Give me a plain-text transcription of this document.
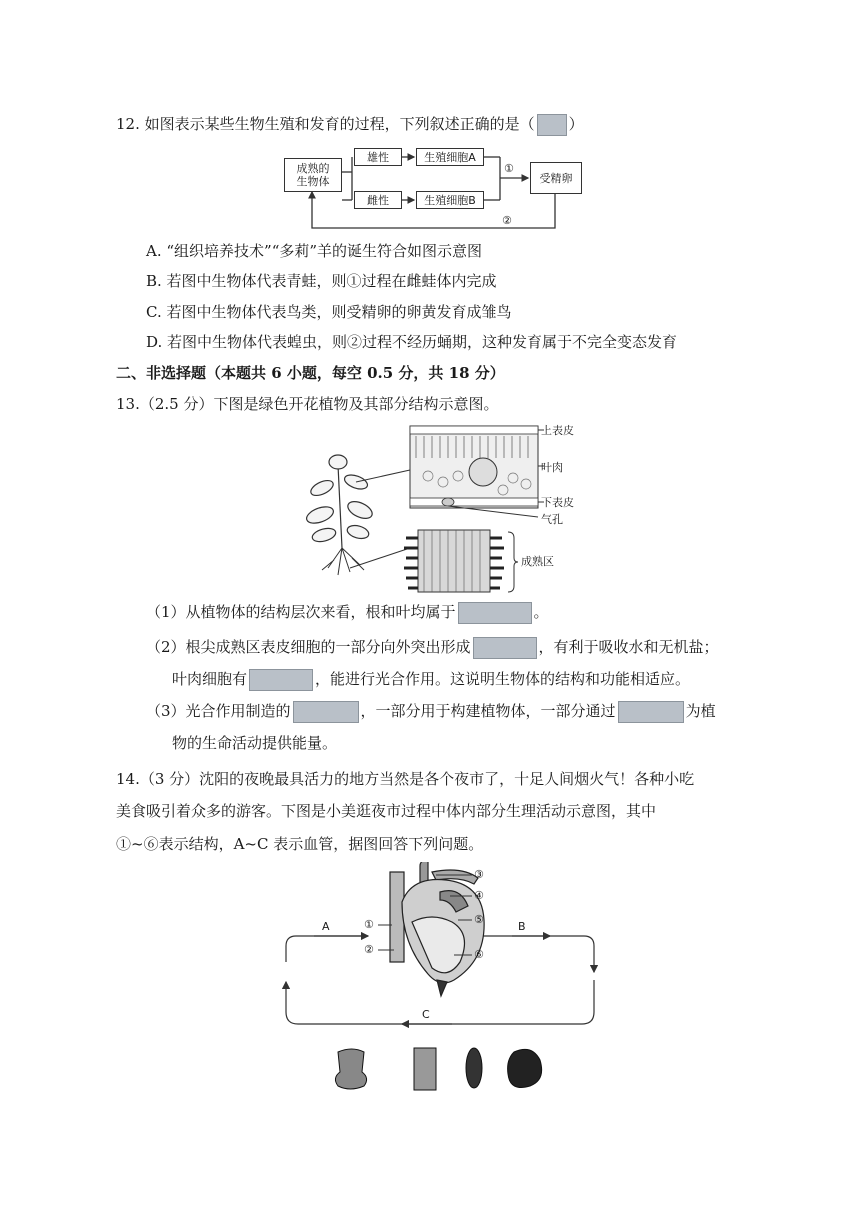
12. 如图表示某些生物生殖和发育的过程，下列叙述正确的是（ ）
成熟的
生物体
雄性
雌性
生殖细胞A
生殖细胞B
受精卵
①
②
A. “组织培养技术”“多莉”羊的诞生符合如图示意图
B. 若图中生物体代表青蛙，则①过程在雌蛙体内完成
C. 若图中生物体代表鸟类，则受精卵的卵黄发育成雏鸟
D. 若图中生物体代表蝗虫，则②过程不经历蛹期，这种发育属于不完全变态发育
二、非选择题（本题共 6 小题，每空 0.5 分，共 18 分）
13.（2.5 分）下图是绿色开花植物及其部分结构示意图。
上表皮
叶肉
下表皮
气孔
成熟区
（1）从植物体的结构层次来看，根和叶均属于	。
（2）根尖成熟区表皮细胞的一部分向外突出形成	，有利于吸收水和无机盐；
叶肉细胞有	，能进行光合作用。这说明生物体的结构和功能相适应。
（3）光合作用制造的	，一部分用于构建植物体，一部分通过	为植
物的生命活动提供能量。
14.（3 分）沈阳的夜晚最具活力的地方当然是各个夜市了，十足人间烟火气！各种小吃
美食吸引着众多的游客。下图是小美逛夜市过程中体内部分生理活动示意图，其中
①~⑥表示结构，A~C 表示血管，据图回答下列问题。
①
②
③
④
⑤
⑥
A	B
C
